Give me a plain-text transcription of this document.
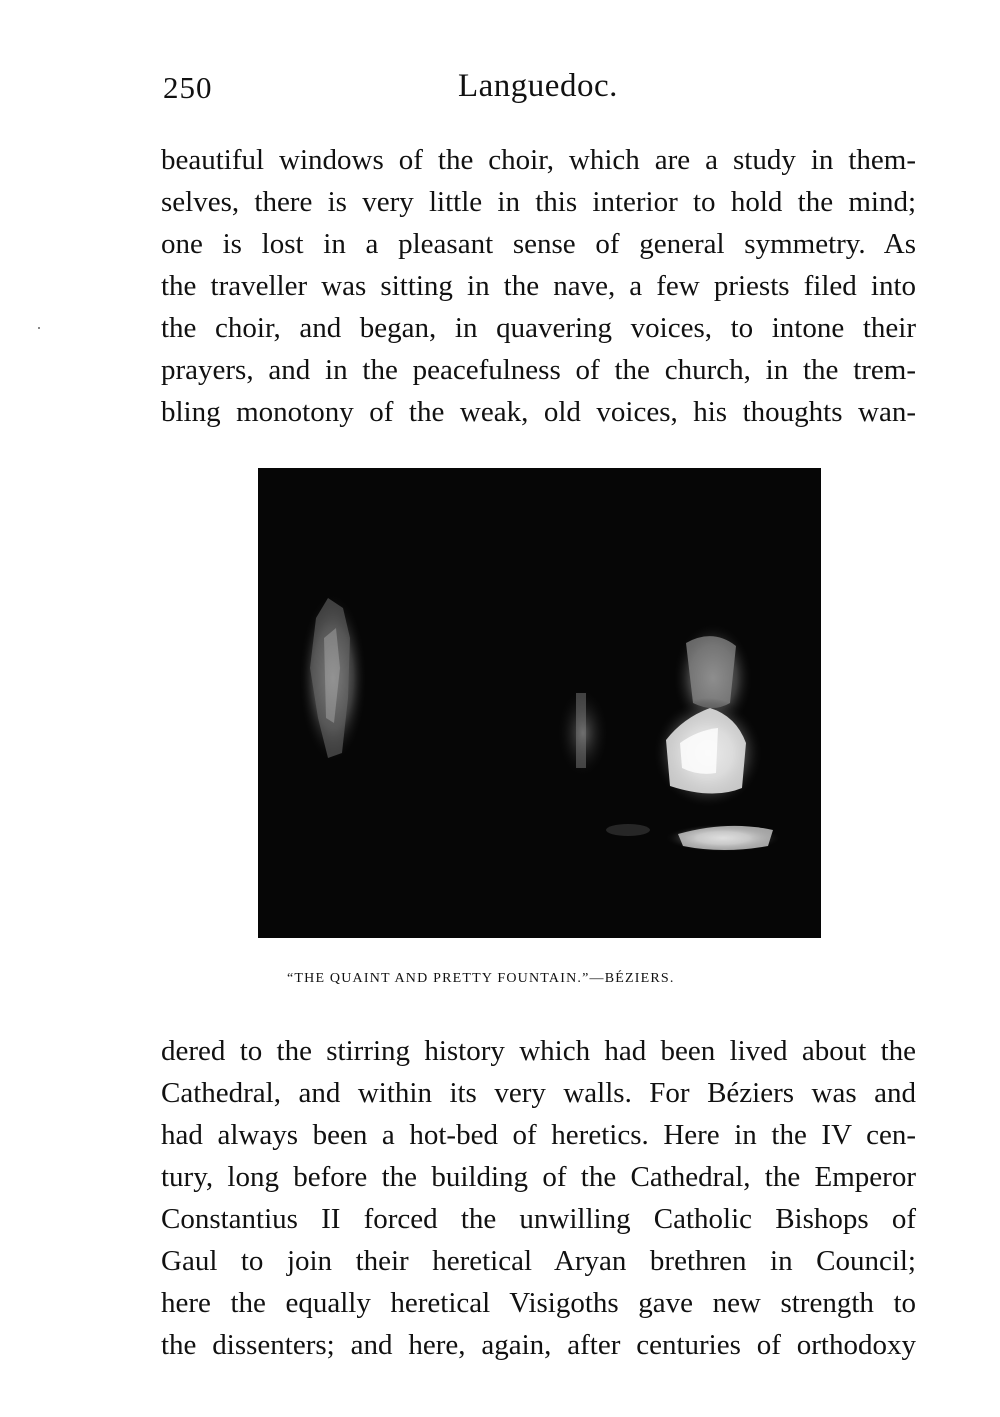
250	Languedoc.
beautiful windows of the choir, which are a study in them-
selves, there is very little in this interior to hold the mind;
one is lost in a pleasant sense of general symmetry. As
the traveller was sitting in the nave, a few priests filed into
the choir, and began, in quavering voices, to intone their
prayers, and in the peacefulness of the church, in the trem-
bling monotony of the weak, old voices, his thoughts wan-
“THE QUAINT AND PRETTY FOUNTAIN.”—BÉZIERS.
dered to the stirring history which had been lived about the
Cathedral, and within its very walls. For Béziers was and
had always been a hot-bed of heretics. Here in the IV cen-
tury, long before the building of the Cathedral, the Emperor
Constantius II forced the unwilling Catholic Bishops of
Gaul to join their heretical Aryan brethren in Council;
here the equally heretical Visigoths gave new strength to
the dissenters; and here, again, after centuries of orthodoxy
